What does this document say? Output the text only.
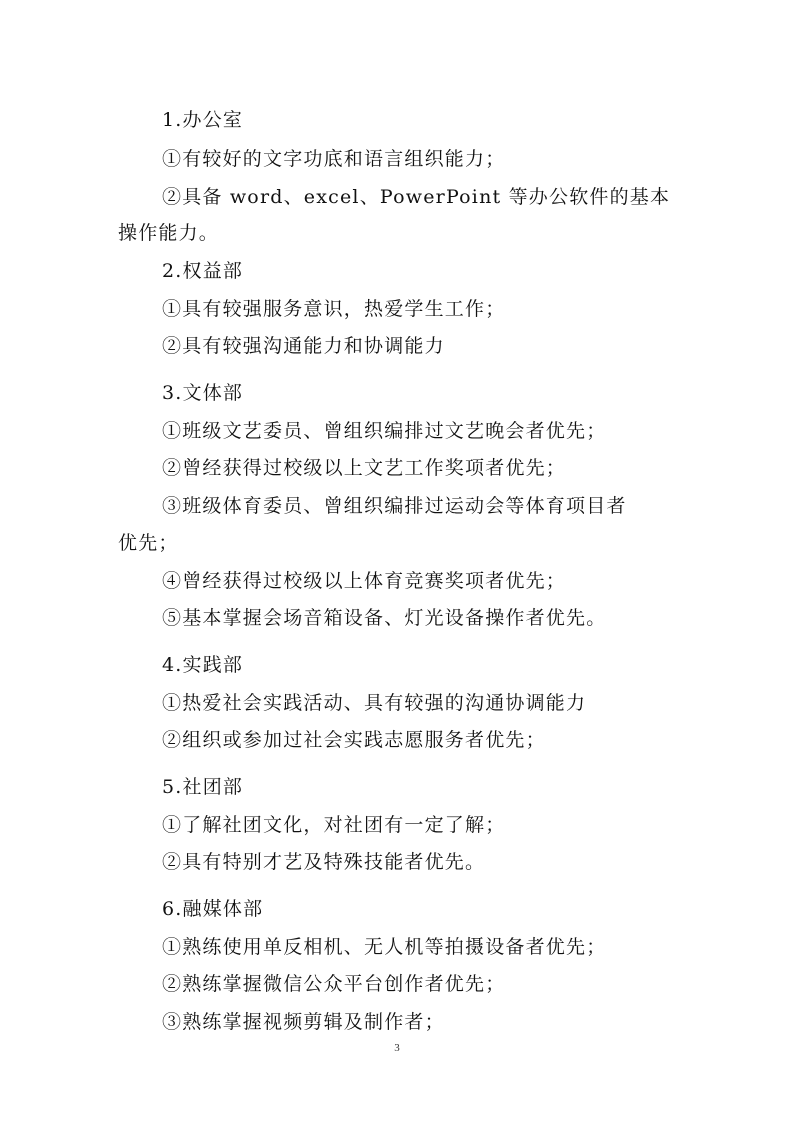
1.办公室
①有较好的文字功底和语言组织能力；
②具备 word、excel、PowerPoint 等办公软件的基本
操作能力。
2.权益部
①具有较强服务意识，热爱学生工作；
②具有较强沟通能力和协调能力
3.文体部
①班级文艺委员、曾组织编排过文艺晚会者优先；
②曾经获得过校级以上文艺工作奖项者优先；
③班级体育委员、曾组织编排过运动会等体育项目者
优先；
④曾经获得过校级以上体育竞赛奖项者优先；
⑤基本掌握会场音箱设备、灯光设备操作者优先。
4.实践部
①热爱社会实践活动、具有较强的沟通协调能力
②组织或参加过社会实践志愿服务者优先；
5.社团部
①了解社团文化，对社团有一定了解；
②具有特别才艺及特殊技能者优先。
6.融媒体部
①熟练使用单反相机、无人机等拍摄设备者优先；
②熟练掌握微信公众平台创作者优先；
③熟练掌握视频剪辑及制作者；
3
